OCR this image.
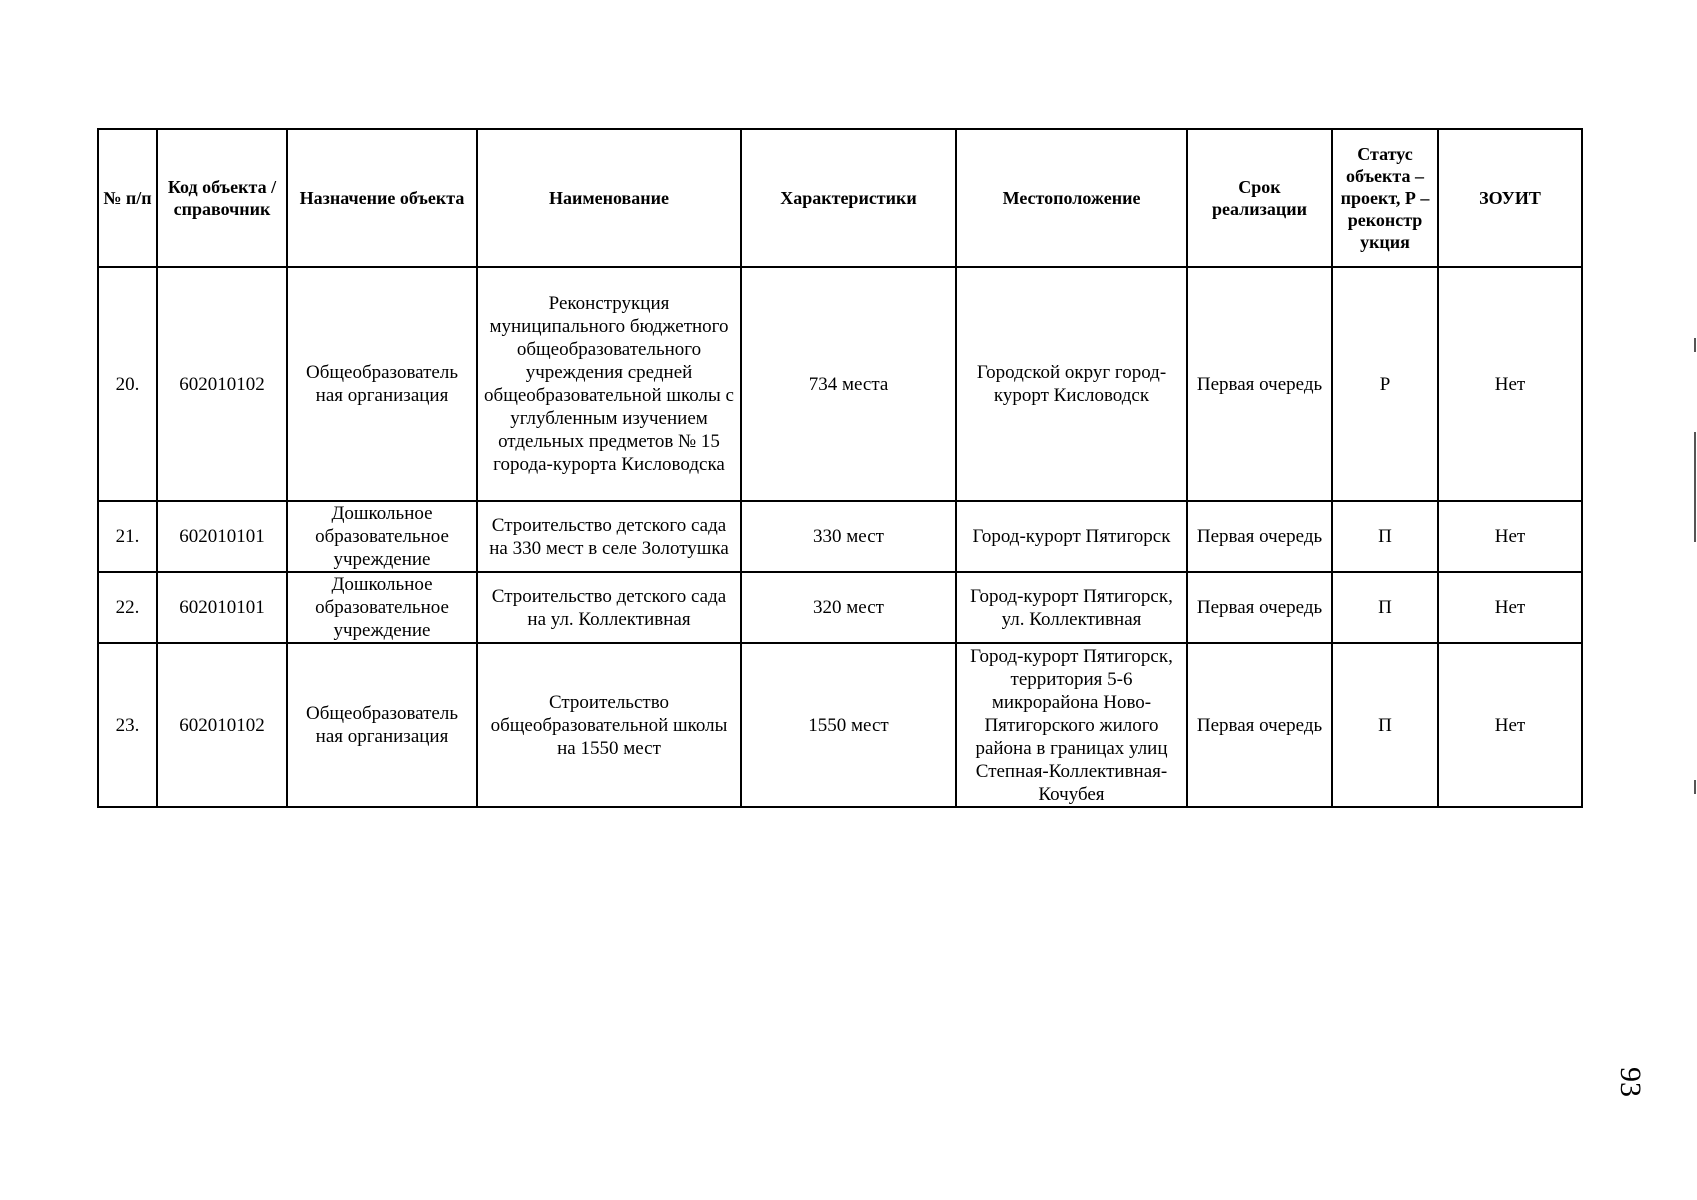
№ п/п	Код объекта / справочник	Назначение объекта	Наименование	Характеристики	Местоположение	Срок реализации	Статус объекта – проект, Р – реконстр укция	ЗОУИТ
20.	602010102	Общеобразователь ная организация	Реконструкция муниципального бюджетного общеобразовательного учреждения средней общеобразовательной школы с углубленным изучением отдельных предметов № 15 города-курорта Кисловодска	734 места	Городской округ город-курорт Кисловодск	Первая очередь	Р	Нет
21.	602010101	Дошкольное образовательное учреждение	Строительство детского сада на 330 мест в селе Золотушка	330 мест	Город-курорт Пятигорск	Первая очередь	П	Нет
22.	602010101	Дошкольное образовательное учреждение	Строительство детского сада на ул. Коллективная	320 мест	Город-курорт Пятигорск, ул. Коллективная	Первая очередь	П	Нет
23.	602010102	Общеобразователь ная организация	Строительство общеобразовательной школы на 1550 мест	1550 мест	Город-курорт Пятигорск, территория 5-6 микрорайона Ново-Пятигорского жилого района в границах улиц Степная-Коллективная-Кочубея	Первая очередь	П	Нет
93
